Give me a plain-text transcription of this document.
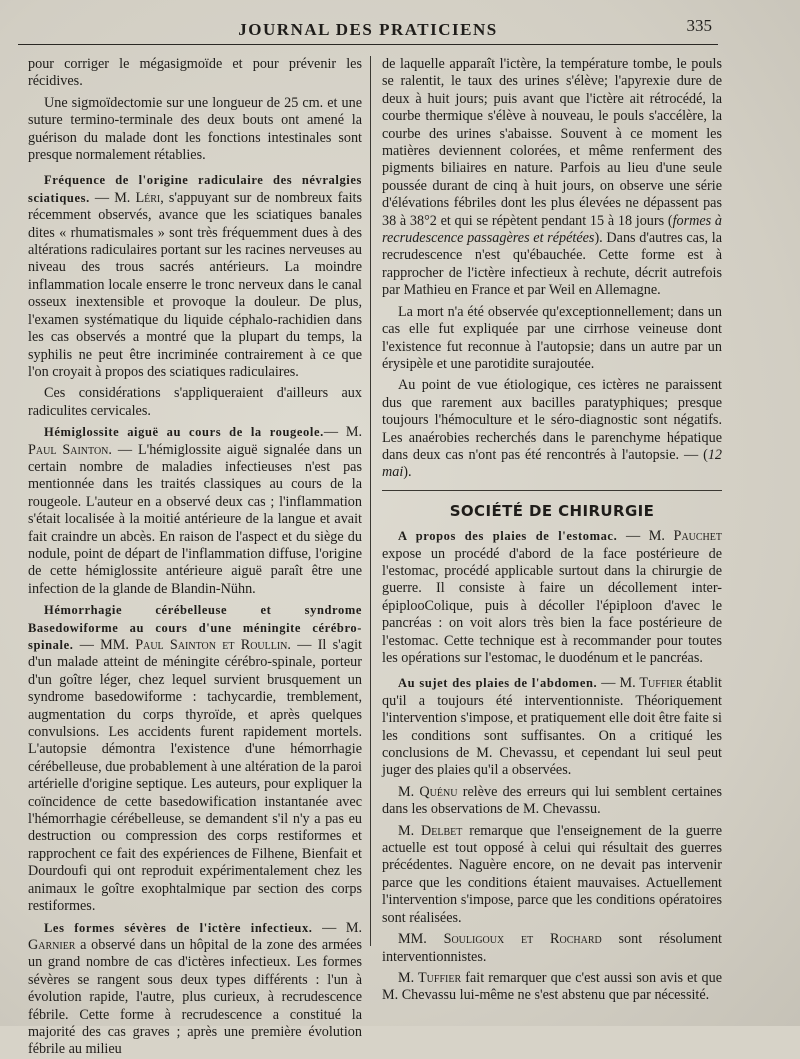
JOURNAL DES PRATICIENS	335

pour corriger le mégasigmoïde et pour prévenir les récidives.

Une sigmoïdectomie sur une longueur de 25 cm. et une suture termino-terminale des deux bouts ont amené la guérison du malade dont les fonctions intestinales sont presque normalement rétablies.

Fréquence de l'origine radiculaire des névralgies sciatiques. — M. Léri, s'appuyant sur de nombreux faits récemment observés, avance que les sciatiques banales dites « rhumatismales » sont très fréquemment dues à des altérations radiculaires portant sur les racines nerveuses au niveau des trous sacrés antérieurs. La moindre inflammation locale enserre le tronc nerveux dans le canal osseux inextensible et provoque la douleur. De plus, l'examen systématique du liquide céphalo-rachidien dans les cas observés a montré que la plupart du temps, la syphilis ne peut être incriminée contrairement à ce que l'on croyait à propos des sciatiques radiculaires.

Ces considérations s'appliqueraient d'ailleurs aux radiculites cervicales.

Hémiglossite aiguë au cours de la rougeole.— M. Paul Sainton. — L'hémiglossite aiguë signalée dans un certain nombre de maladies infectieuses n'est pas mentionnée dans les traités classiques au cours de la rougeole. L'auteur en a observé deux cas ; l'inflammation s'était localisée à la moitié antérieure de la langue et avait fait craindre un abcès. En raison de l'aspect et du siège du nodule, point de départ de l'inflammation diffuse, l'origine de cette hémiglossite antérieure aiguë paraît être une infection de la glande de Blandin-Nühn.

Hémorrhagie cérébelleuse et syndrome Basedowiforme au cours d'une méningite cérébro-spinale. — MM. Paul Sainton et Roullin. — Il s'agit d'un malade atteint de méningite cérébro-spinale, porteur d'un goître léger, chez lequel survient brusquement un syndrome basedowiforme : tachycardie, tremblement, augmentation du corps thyroïde, et après quelques convulsions. Les accidents furent rapidement mortels. L'autopsie démontra l'existence d'une hémorrhagie cérébelleuse, due probablement à une altération de la paroi artérielle d'origine septique. Les auteurs, pour expliquer la coïncidence de cette basedowification instantanée avec l'hémorrhagie cérébelleuse, se demandent s'il n'y a pas eu destruction ou compression des corps restiformes et rapprochent ce fait des expériences de Filhene, Bienfait et Dourdoufi qui ont reproduit expérimentalement chez les animaux le goître exophtalmique par section des corps restiformes.

Les formes sévères de l'ictère infectieux. — M. Garnier a observé dans un hôpital de la zone des armées un grand nombre de cas d'ictères infectieux. Les formes sévères se rangent sous deux types différents : l'un à évolution rapide, l'autre, plus curieux, à recrudescence fébrile. Cette forme à recrudescence a constitué la majorité des cas graves ; après une première évolution fébrile au milieu

de laquelle apparaît l'ictère, la température tombe, le pouls se ralentit, le taux des urines s'élève; l'apyrexie dure de deux à huit jours; puis avant que l'ictère ait rétrocédé, la courbe thermique s'élève à nouveau, le pouls s'accélère, la courbe des urines s'abaisse. Souvent à ce moment les matières deviennent colorées, et même renferment des pigments biliaires en nature. Parfois au lieu d'une seule poussée durant de cinq à huit jours, on observe une série d'élévations fébriles dont les plus élevées ne dépassent pas 38 à 38°2 et qui se répètent pendant 15 à 18 jours (formes à recrudescence passagères et répétées). Dans d'autres cas, la recrudescence n'est qu'ébauchée. Cette forme est à rapprocher de l'ictère infectieux à rechute, décrit autrefois par Mathieu en France et par Weil en Allemagne.

La mort n'a été observée qu'exceptionnellement; dans un cas elle fut expliquée par une cirrhose veineuse dont l'existence fut reconnue à l'autopsie; dans un autre par un érysipèle et une parotidite surajoutée.

Au point de vue étiologique, ces ictères ne paraissent dus que rarement aux bacilles paratyphiques; presque toujours l'hémoculture et le séro-diagnostic sont négatifs. Les anaérobies recherchés dans le parenchyme hépatique dans deux cas n'ont pas été rencontrés à l'autopsie. — (12 mai).

SOCIÉTÉ DE CHIRURGIE

A propos des plaies de l'estomac. — M. Pauchet expose un procédé d'abord de la face postérieure de l'estomac, procédé applicable surtout dans la chirurgie de guerre. Il consiste à faire un décollement inter-épiplooColique, puis à décoller l'épiploon d'avec le pancréas : on voit alors très bien la face postérieure de l'estomac. Cette technique est à recommander pour toutes les opérations sur l'estomac, le duodénum et le pancréas.

Au sujet des plaies de l'abdomen. — M. Tuffier établit qu'il a toujours été interventionniste. Théoriquement l'intervention s'impose, et pratiquement elle doit être faite si les conditions sont suffisantes. On a critiqué les conclusions de M. Chevassu, et cependant lui seul peut juger des plaies qu'il a observées.

M. Quénu relève des erreurs qui lui semblent certaines dans les observations de M. Chevassu.

M. Delbet remarque que l'enseignement de la guerre actuelle est tout opposé à celui qui résultait des guerres précédentes. Naguère encore, on ne devait pas intervenir parce que les conditions étaient mauvaises. Actuellement l'intervention s'impose, parce que les conditions opératoires sont réalisées.

MM. Souligoux et Rochard sont résolument interventionnistes.

M. Tuffier fait remarquer que c'est aussi son avis et que M. Chevassu lui-même ne s'est abstenu que par nécessité.
